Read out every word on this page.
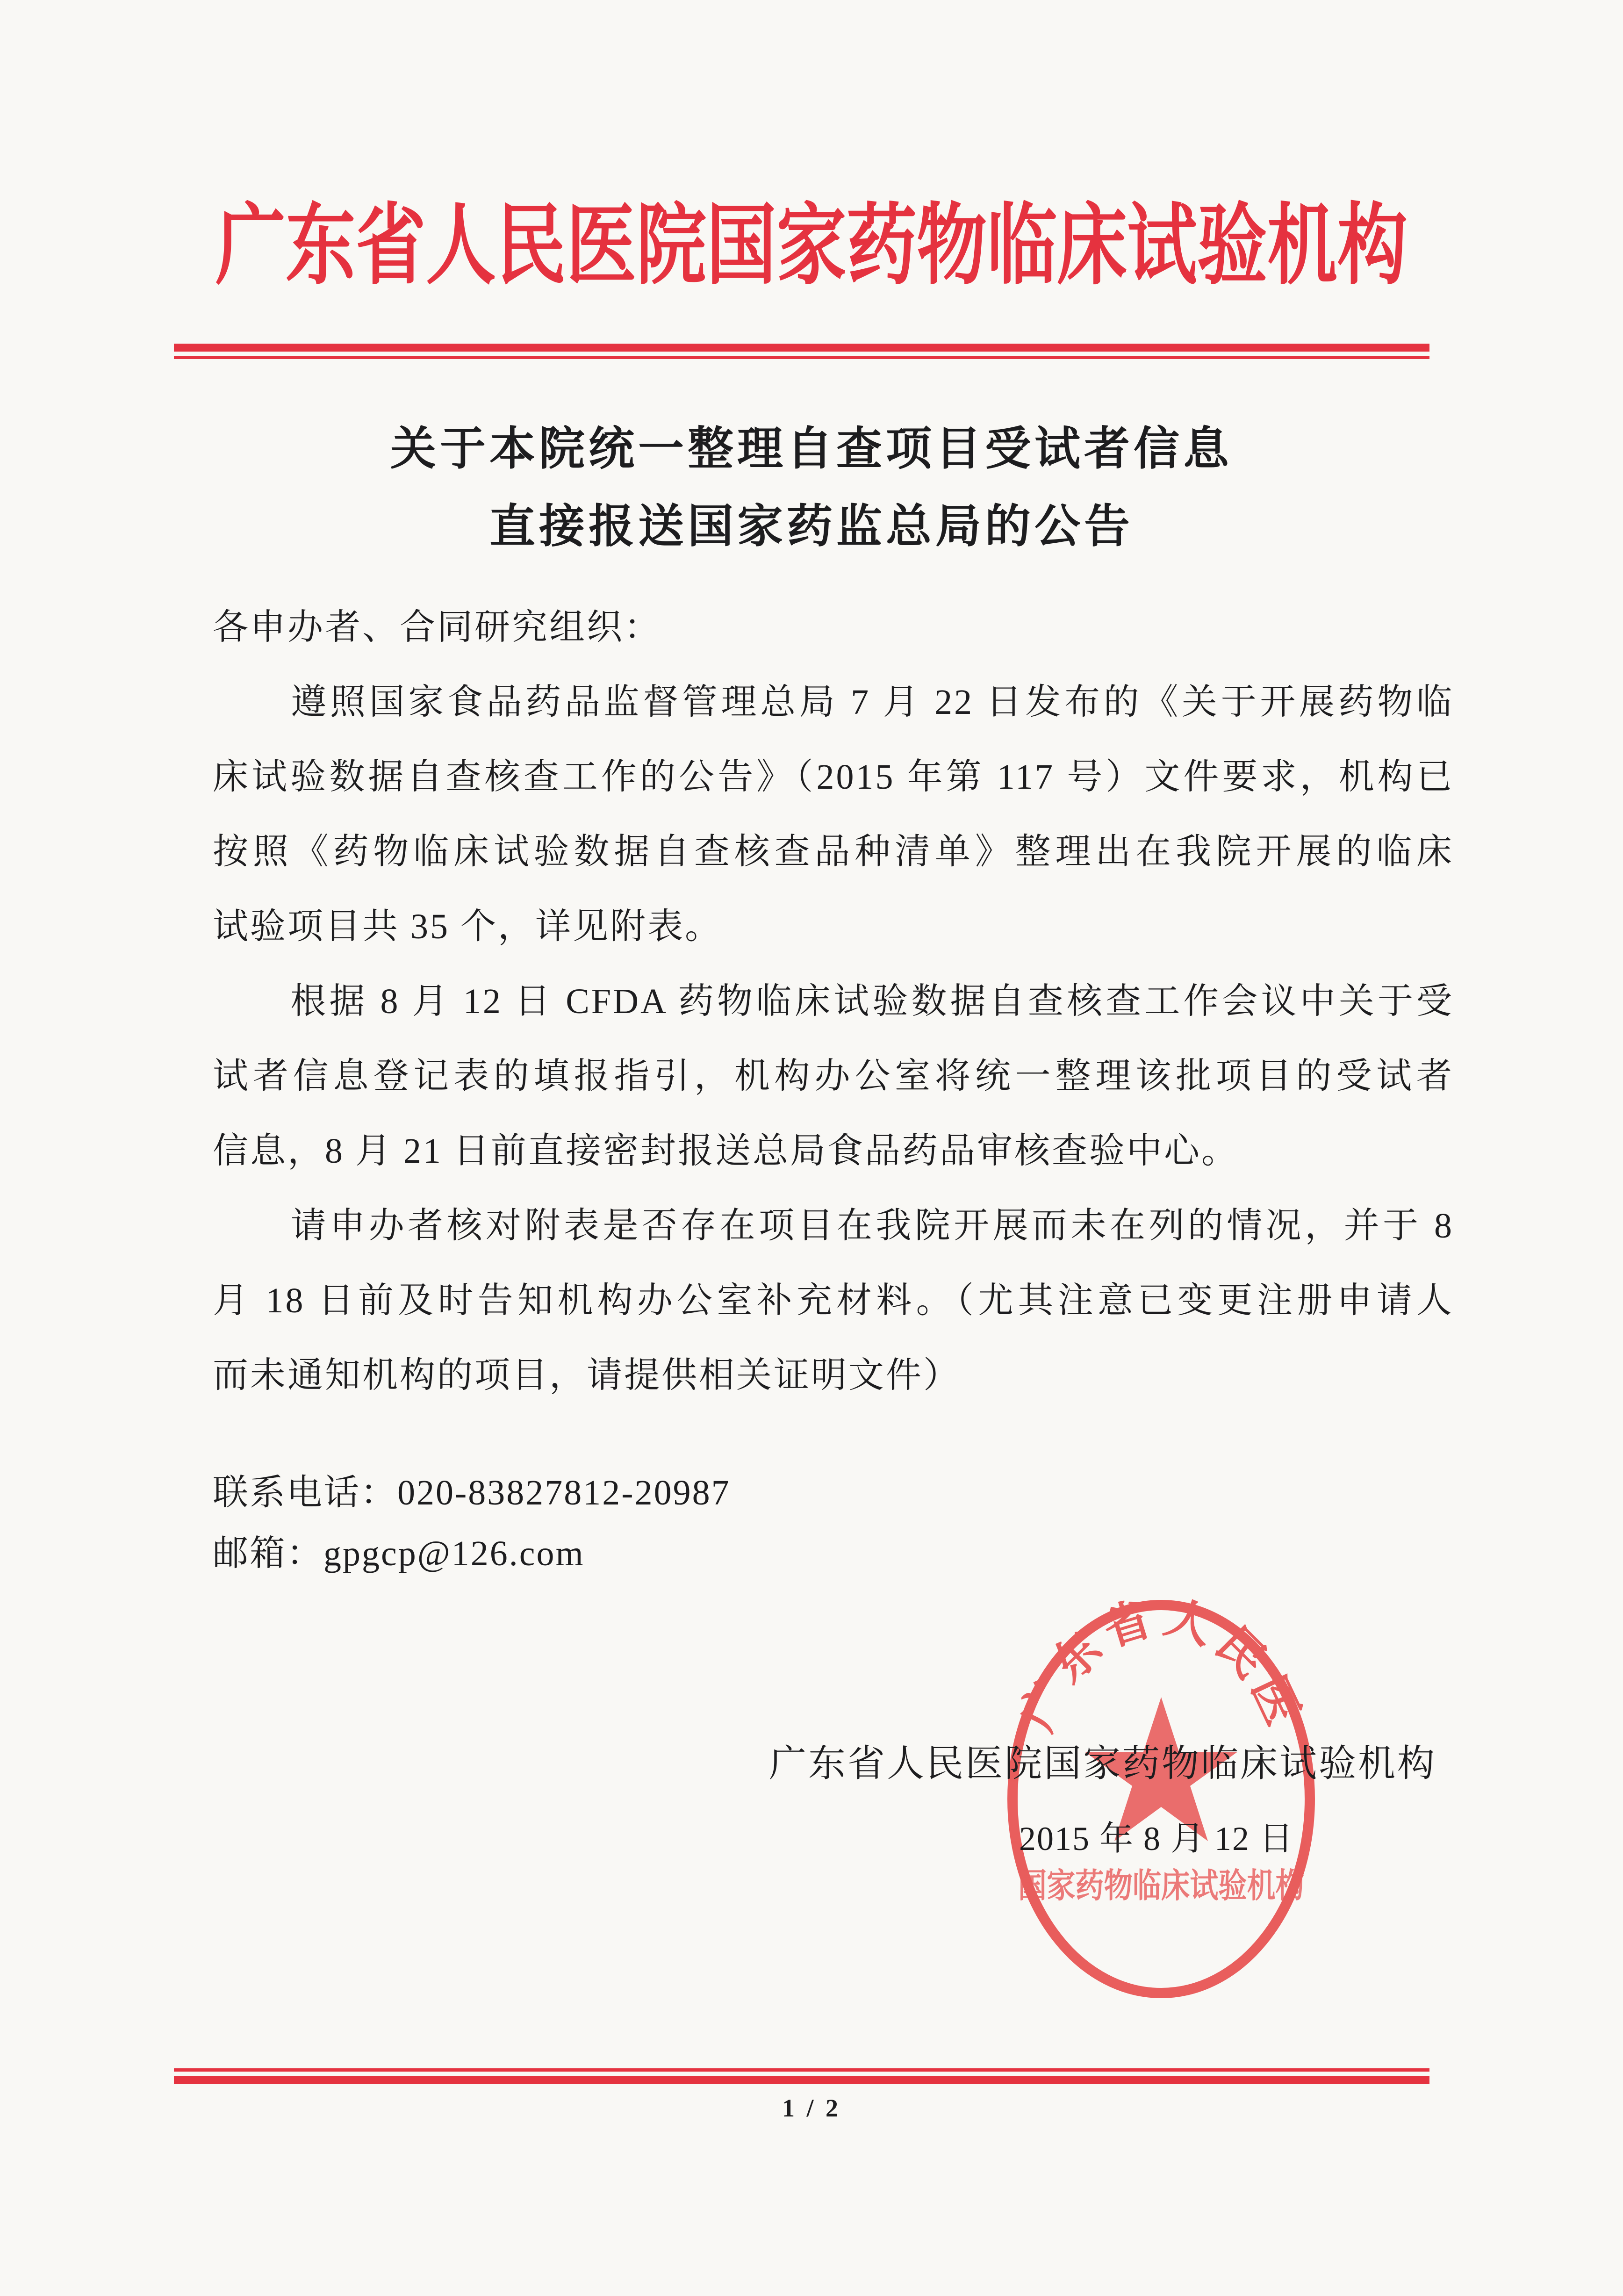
广东省人民医院国家药物临床试验机构
关于本院统一整理自查项目受试者信息
直接报送国家药监总局的公告
各申办者、合同研究组织：
　　遵照国家食品药品监督管理总局 7 月 22 日发布的《关于开展药物临
床试验数据自查核查工作的公告》（2015 年第 117 号）文件要求，机构已
按照《药物临床试验数据自查核查品种清单》整理出在我院开展的临床
试验项目共 35 个，详见附表。
　　根据 8 月 12 日 CFDA 药物临床试验数据自查核查工作会议中关于受
试者信息登记表的填报指引，机构办公室将统一整理该批项目的受试者
信息，8 月 21 日前直接密封报送总局食品药品审核查验中心。
　　请申办者核对附表是否存在项目在我院开展而未在列的情况，并于 8
月 18 日前及时告知机构办公室补充材料。（尤其注意已变更注册申请人
而未通知机构的项目，请提供相关证明文件）
联系电话：020-83827812-20987
邮箱：gpgcp@126.com
广东省人民医
国家药物临床试验机构
广东省人民医院国家药物临床试验机构
2015 年 8 月 12 日
1 / 2
